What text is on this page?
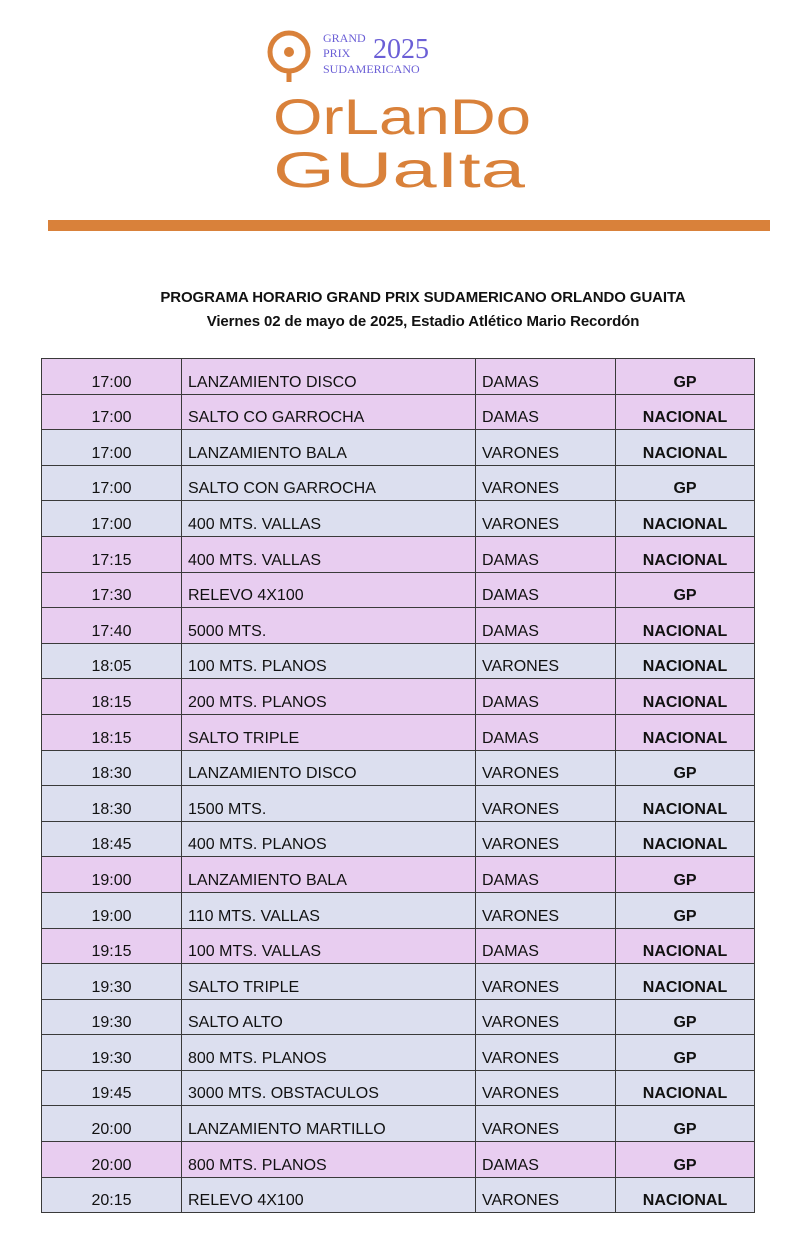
GRAND
PRIX
SUDAMERICANO
2025
OrLanDo
GUaIta
PROGRAMA HORARIO GRAND PRIX SUDAMERICANO ORLANDO GUAITA
Viernes 02 de mayo de 2025, Estadio Atlético Mario Recordón
17:00	LANZAMIENTO DISCO	DAMAS	GP
17:00	SALTO CO GARROCHA	DAMAS	NACIONAL
17:00	LANZAMIENTO BALA	VARONES	NACIONAL
17:00	SALTO CON GARROCHA	VARONES	GP
17:00	400 MTS. VALLAS	VARONES	NACIONAL
17:15	400 MTS. VALLAS	DAMAS	NACIONAL
17:30	RELEVO 4X100	DAMAS	GP
17:40	5000 MTS.	DAMAS	NACIONAL
18:05	100 MTS. PLANOS	VARONES	NACIONAL
18:15	200 MTS. PLANOS	DAMAS	NACIONAL
18:15	SALTO TRIPLE	DAMAS	NACIONAL
18:30	LANZAMIENTO DISCO	VARONES	GP
18:30	1500 MTS.	VARONES	NACIONAL
18:45	400 MTS. PLANOS	VARONES	NACIONAL
19:00	LANZAMIENTO BALA	DAMAS	GP
19:00	110 MTS. VALLAS	VARONES	GP
19:15	100 MTS. VALLAS	DAMAS	NACIONAL
19:30	SALTO TRIPLE	VARONES	NACIONAL
19:30	SALTO ALTO	VARONES	GP
19:30	800 MTS. PLANOS	VARONES	GP
19:45	3000 MTS. OBSTACULOS	VARONES	NACIONAL
20:00	LANZAMIENTO MARTILLO	VARONES	GP
20:00	800 MTS. PLANOS	DAMAS	GP
20:15	RELEVO 4X100	VARONES	NACIONAL
